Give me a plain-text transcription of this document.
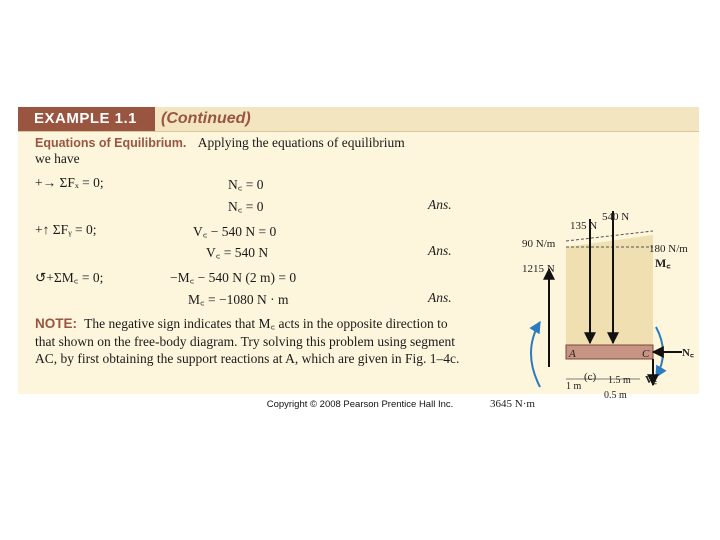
EXAMPLE 1.1	(Continued)
Equations of Equilibrium. Applying the equations of equilibrium
we have
+→ ΣFₓ = 0;	N꜀ = 0
N꜀ = 0	Ans.
+↑ ΣFᵧ = 0;	V꜀ − 540 N = 0
V꜀ = 540 N	Ans.
↺+ΣM꜀ = 0;	−M꜀ − 540 N (2 m) = 0
M꜀ = −1080 N · m	Ans.
NOTE: The negative sign indicates that M꜀ acts in the opposite direction to that shown on the free-body diagram. Try solving this problem using segment AC, by first obtaining the support reactions at A, which are given in Fig. 1–4c.	A	C
135 N
540 N
90 N/m	180 N/m
1215 N
3645 N·m
M꜀
N꜀
V꜀
1 m
1.5 m
0.5 m
(c)
Copyright © 2008 Pearson Prentice Hall Inc.
